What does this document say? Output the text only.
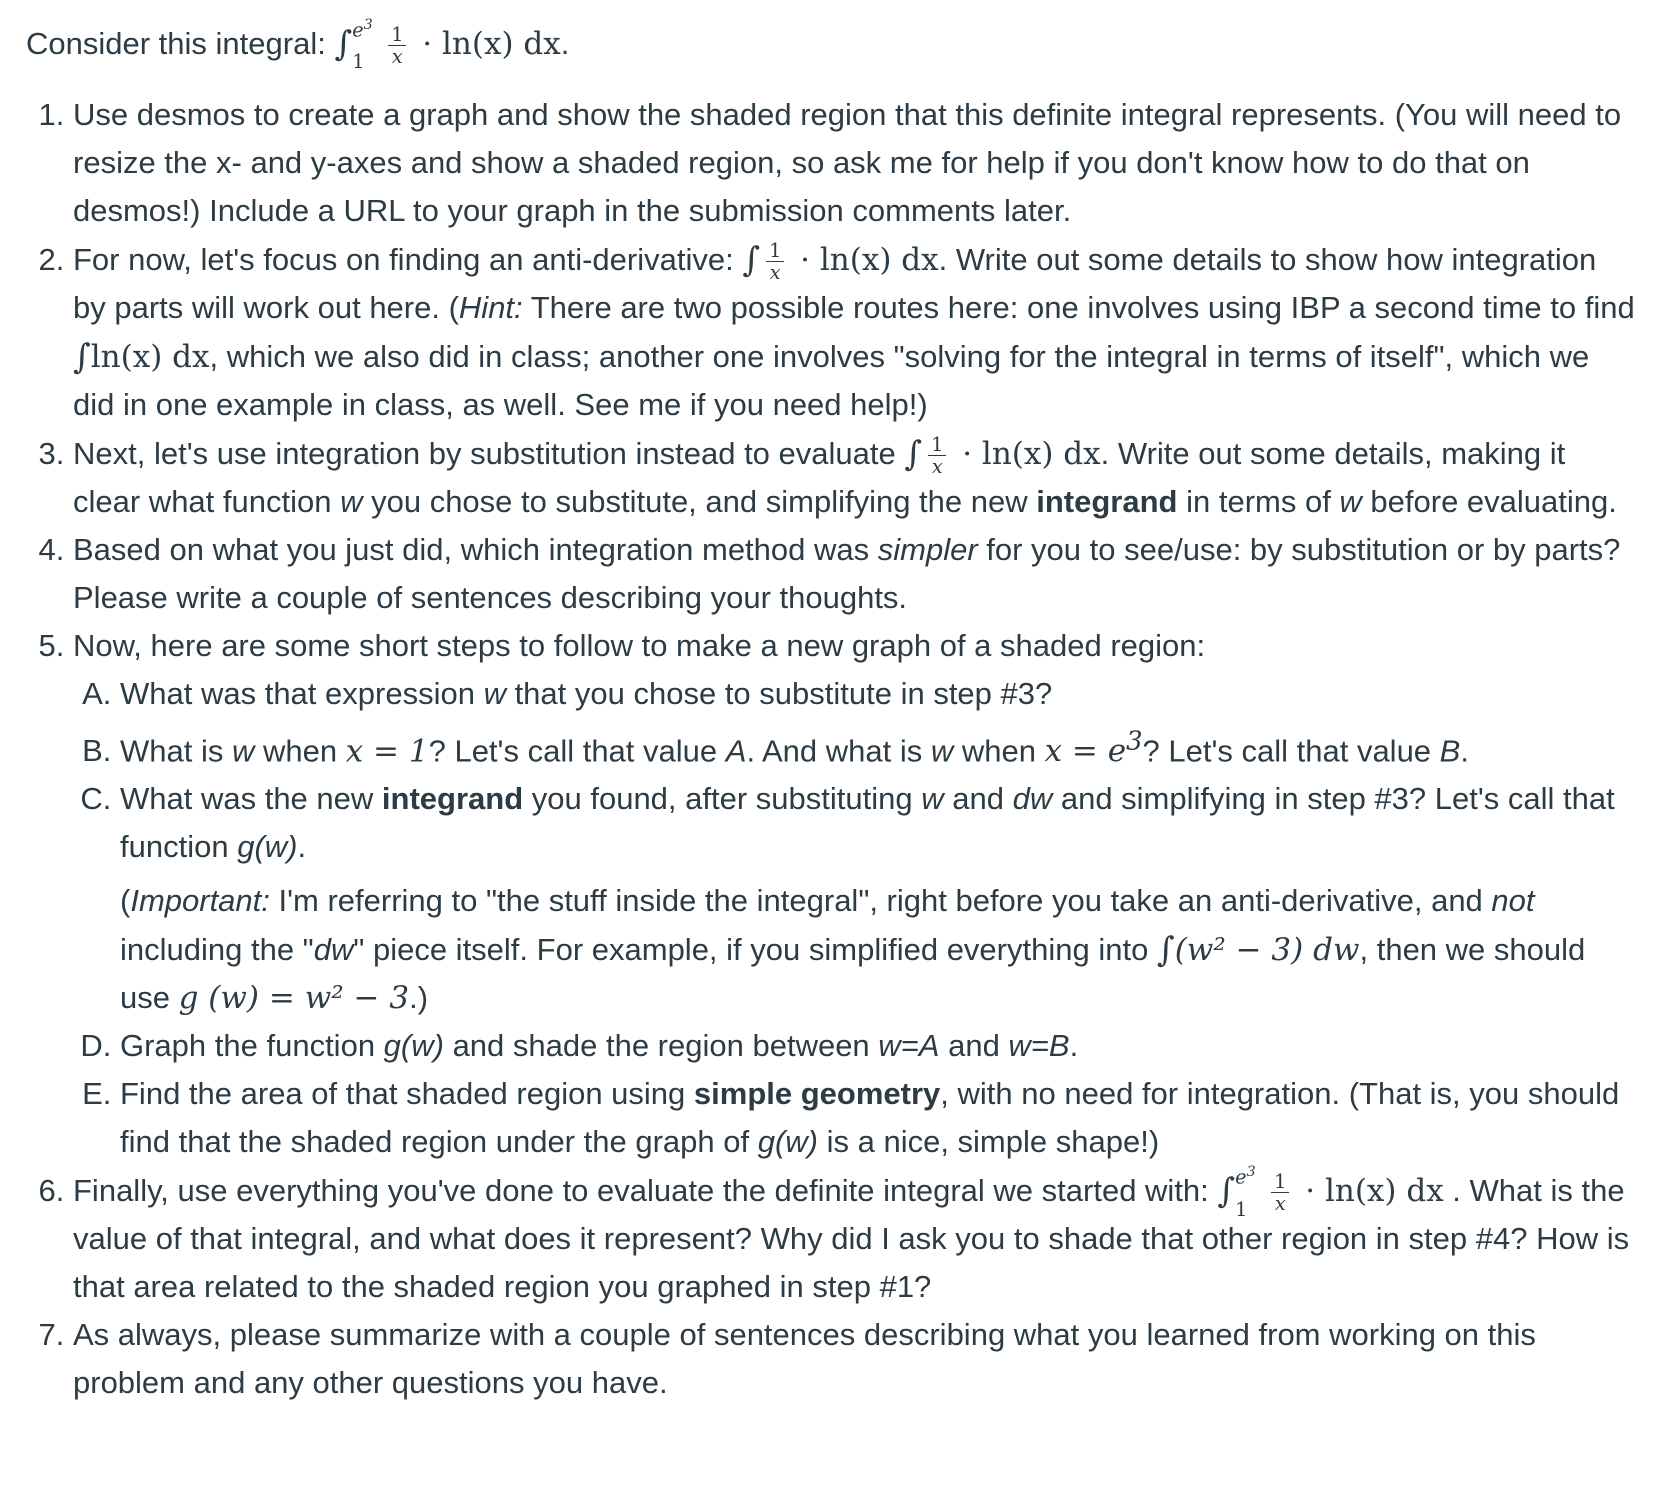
Consider this integral: ∫ $e^3$
$1 \frac{1}{x} \cdot \ln(x)$ dx.

1. Use desmos to create a graph and show the shaded region that this definite integral represents. (You will need to resize the x- and y-axes and show a shaded region, so ask me for help if you don't know how to do that on desmos!) Include a URL to your graph in the submission comments later.
2. For now, let's focus on finding an anti-derivative: ∫ $\frac{1}{x} \cdot \ln(x)$ dx. Write out some details to show how integration by parts will work out here. (Hint: There are two possible routes here: one involves using IBP a second time to find ∫ln(x) dx, which we also did in class; another one involves "solving for the integral in terms of itself", which we did in one example in class, as well. See me if you need help!)
3. Next, let's use integration by substitution instead to evaluate ∫ $\frac{1}{x} \cdot \ln(x)$ dx. Write out some details, making it clear what function w you chose to substitute, and simplifying the new integrand in terms of w before evaluating.
4. Based on what you just did, which integration method was simpler for you to see/use: by substitution or by parts? Please write a couple of sentences describing your thoughts.
5. Now, here are some short steps to follow to make a new graph of a shaded region:
A. What was that expression w that you chose to substitute in step #3?
B. What is w when x = 1? Let's call that value A. And what is w when $x = e^3$? Let's call that value B.
C. What was the new integrand you found, after substituting w and dw and simplifying in step #3? Let's call that function g(w).
(Important: I'm referring to "the stuff inside the integral", right before you take an anti-derivative, and not including the "dw" piece itself. For example, if you simplified everything into ∫(w² − 3) dw, then we should use g (w) = w² − 3.)
D. Graph the function g(w) and shade the region between w=A and w=B.
E. Find the area of that shaded region using simple geometry, with no need for integration. (That is, you should find that the shaded region under the graph of g(w) is a nice, simple shape!)
6. Finally, use everything you've done to evaluate the definite integral we started with: ∫ $e^3$
$1 \frac{1}{x} \cdot \ln(x)$ dx . What is the value of that integral, and what does it represent? Why did I ask you to shade that other region in step #4? How is that area related to the shaded region you graphed in step #1?
7. As always, please summarize with a couple of sentences describing what you learned from working on this problem and any other questions you have.
